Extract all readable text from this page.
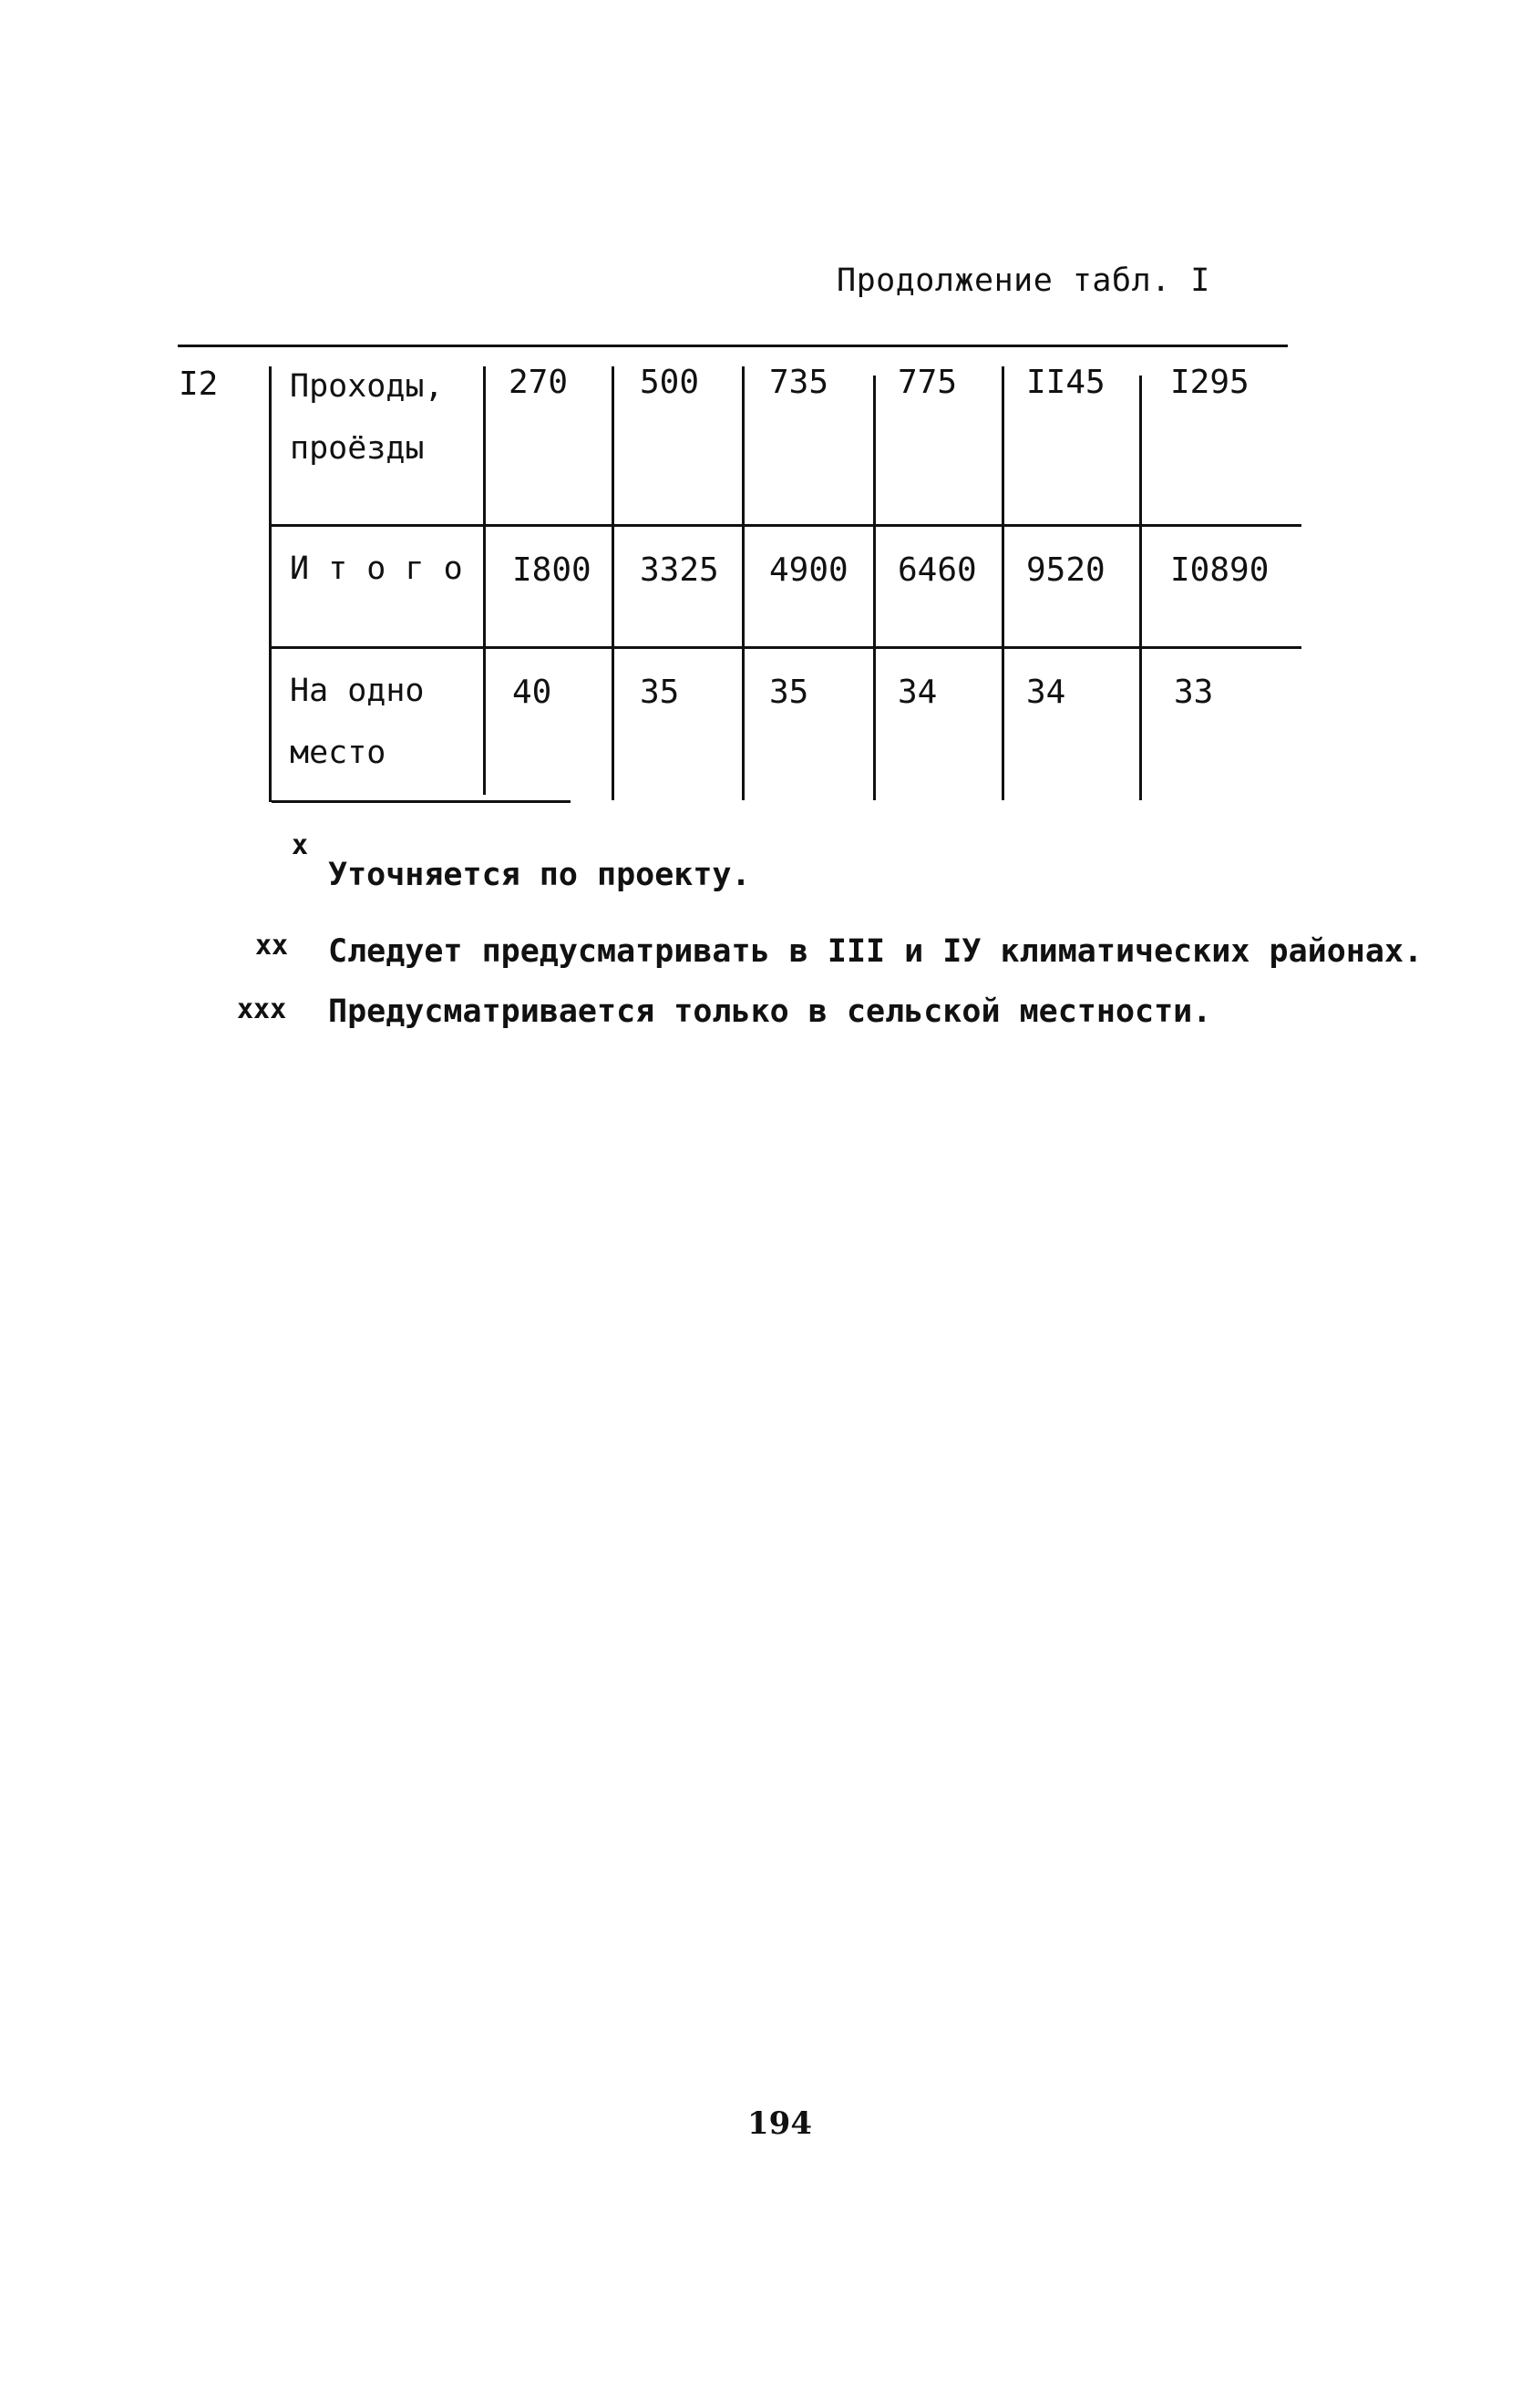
Продолжение табл. I
I2 Проходы,
проёзды
270 500 735 775 II45 I295
И т о г о I800 3325 4900 6460 9520 I0890
На одно
место
40	35	35	34	34	33
x
Уточняется по проекту.
xx Следует предусматривать в III и IУ климатических районах.
xxx Предусматривается только в сельской местности.
194
